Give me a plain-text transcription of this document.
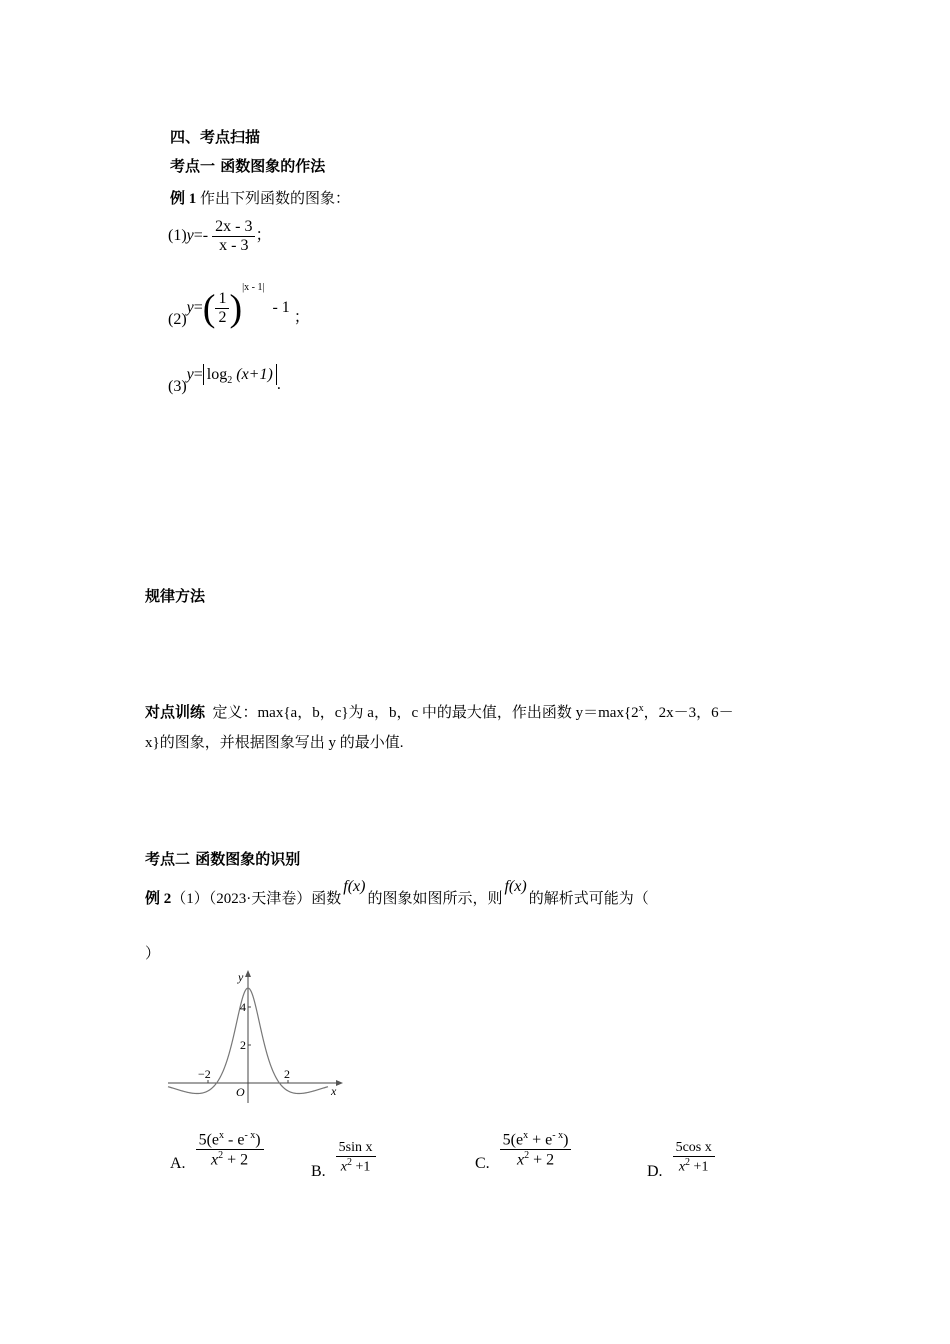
四、考点扫描
考点一 函数图象的作法
例 1 作出下列函数的图象：
$(1)y=- \frac{2x - 3}{x - 3}$ ；
$(2)y=( \frac{1}{2} )^{|x - 1|}-$ 1；
$(3)y= \log_2 (x+1)$.
规律方法
对点训练 定义：max{a，b，c}为 a，b，c 中的最大值，作出函数 $y=\max\{2^x$，2x－3，6－
x}的图象，并根据图象写出 y 的最小值.
考点二 函数图象的识别
例 2（1）（2023·天津卷）函数f(x)的图象如图所示，则f(x)的解析式可能为（
）
y
x
O
4
2
−2	2
A. $\frac{5(e^x - e^{- x})}{x^2 + 2}$
B. $\frac{\text{5sin x}}{x^2 +1}$	C. $\frac{5(e^x + e^{- x})}{x^2 + 2}$
D. $\frac{\text{5cos x}}{x^2 +1}$
